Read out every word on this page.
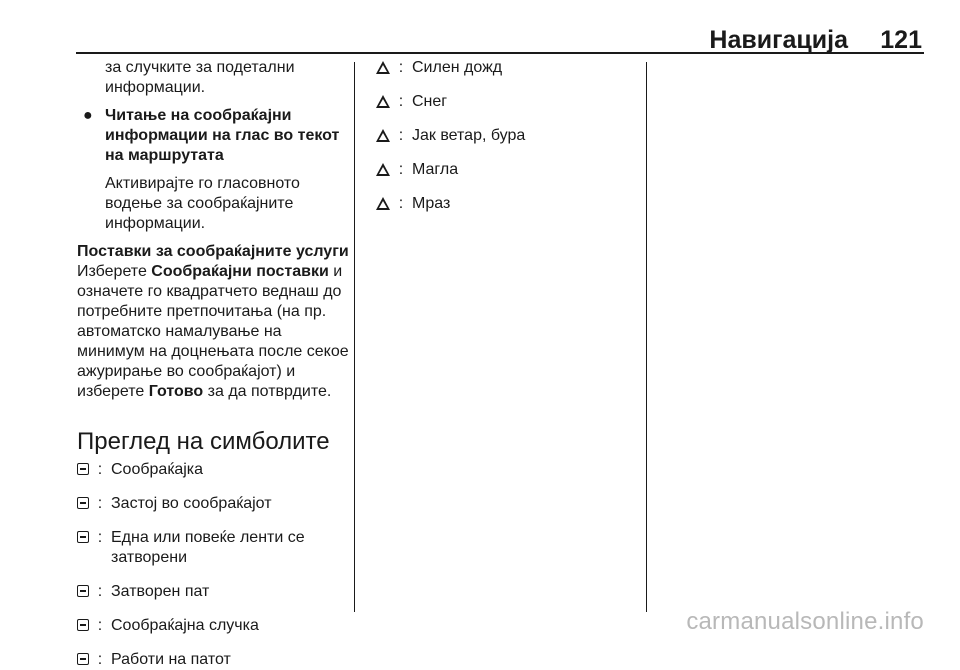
Навигација 121
за случките за подетални информации.
● Читање на сообраќајни информации на глас во текот на маршрутата
Активирајте го гласовното водење за сообраќајните информации.
Поставки за сообраќајните услуги
Изберете Сообраќајни поставки и означете го квадратчето веднаш до потребните претпочитања (на пр. автоматско намалување на минимум на доцнењата после секое ажурирање во сообраќајот) и изберете Готово за да потврдите.
Преглед на симболите
: Сообраќајка
: Застој во сообраќајот
: Една или повеќе ленти се затворени
: Затворен пат
: Сообраќајна случка
: Работи на патот
: Силен дожд
: Снег
: Јак ветар, бура
: Магла
: Мраз
carmanualsonline.info
